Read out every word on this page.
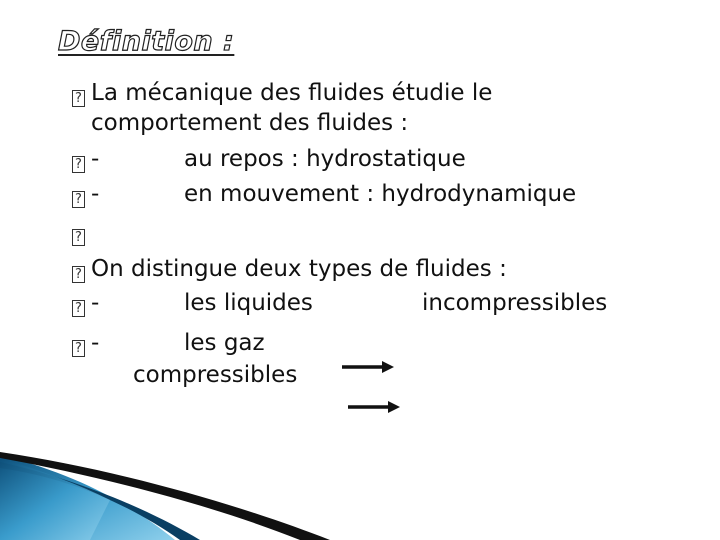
Définition :
? La mécanique des fluides étudie le
comportement des fluides :
? -	au repos : hydrostatique
? -	en mouvement : hydrodynamique
?
? On distingue deux types de fluides :
? -	les liquides	incompressibles
? -	les gaz
compressibles
